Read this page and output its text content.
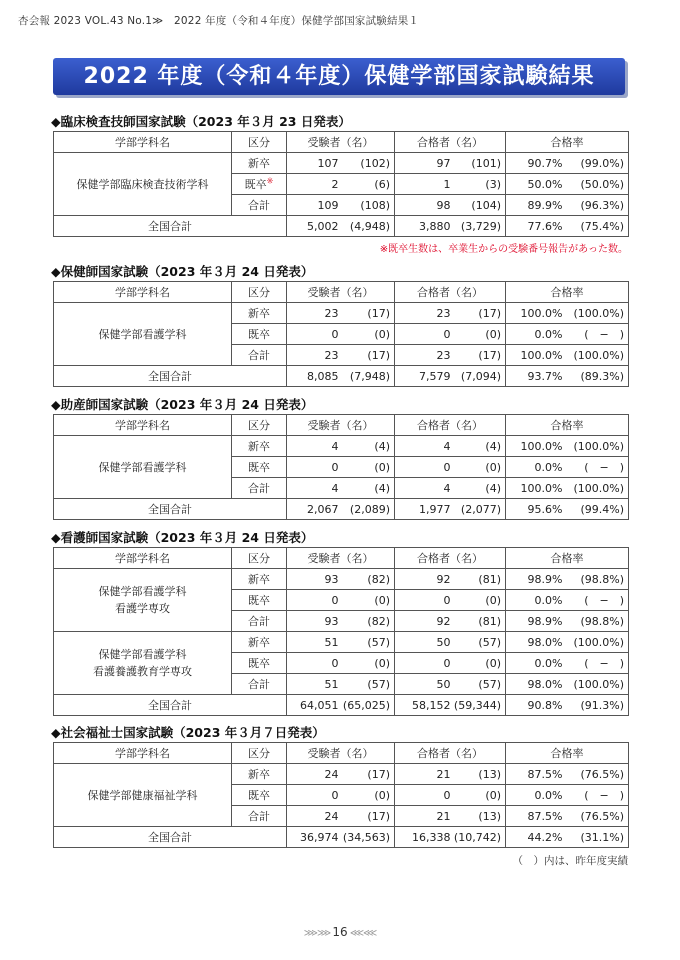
杏会報 2023 VOL.43 No.1≫　2022 年度（令和４年度）保健学部国家試験結果１
2022 年度（令和４年度）保健学部国家試験結果
◆臨床検査技師国家試験（2023 年３月 23 日発表）
学部学科名	区分	受験者（名）		合格者（名）		合格率	
保健学部臨床検査技術学科	新卒	107	(102)	97	(101)	90.7%	(99.0%)
	既卒※	2	(6)	1	(3)	50.0%	(50.0%)
	合計	109	(108)	98	(104)	89.9%	(96.3%)
全国合計		5,002	(4,948)	3,880	(3,729)	77.6%	(75.4%)
※既卒生数は、卒業生からの受験番号報告があった数。
◆保健師国家試験（2023 年３月 24 日発表）
学部学科名	区分	受験者（名）		合格者（名）		合格率	
保健学部看護学科	新卒	23	(17)	23	(17)	100.0%	(100.0%)
	既卒	0	(0)	0	(0)	0.0%	(　−　)
	合計	23	(17)	23	(17)	100.0%	(100.0%)
全国合計		8,085	(7,948)	7,579	(7,094)	93.7%	(89.3%)
◆助産師国家試験（2023 年３月 24 日発表）
学部学科名	区分	受験者（名）		合格者（名）		合格率	
保健学部看護学科	新卒	4	(4)	4	(4)	100.0%	(100.0%)
	既卒	0	(0)	0	(0)	0.0%	(　−　)
	合計	4	(4)	4	(4)	100.0%	(100.0%)
全国合計		2,067	(2,089)	1,977	(2,077)	95.6%	(99.4%)
◆看護師国家試験（2023 年３月 24 日発表）
学部学科名	区分	受験者（名）		合格者（名）		合格率	
保健学部看護学科
看護学専攻	新卒	93	(82)	92	(81)	98.9%	(98.8%)
	既卒	0	(0)	0	(0)	0.0%	(　−　)
	合計	93	(82)	92	(81)	98.9%	(98.8%)
保健学部看護学科
看護養護教育学専攻	新卒	51	(57)	50	(57)	98.0%	(100.0%)
	既卒	0	(0)	0	(0)	0.0%	(　−　)
	合計	51	(57)	50	(57)	98.0%	(100.0%)
全国合計		64,051	(65,025)	58,152	(59,344)	90.8%	(91.3%)
◆社会福祉士国家試験（2023 年３月７日発表）
学部学科名	区分	受験者（名）		合格者（名）		合格率	
保健学部健康福祉学科	新卒	24	(17)	21	(13)	87.5%	(76.5%)
	既卒	0	(0)	0	(0)	0.0%	(　−　)
	合計	24	(17)	21	(13)	87.5%	(76.5%)
全国合計		36,974	(34,563)	16,338	(10,742)	44.2%	(31.1%)
（　）内は、昨年度実績
⋙⋙ 16 ⋘⋘
